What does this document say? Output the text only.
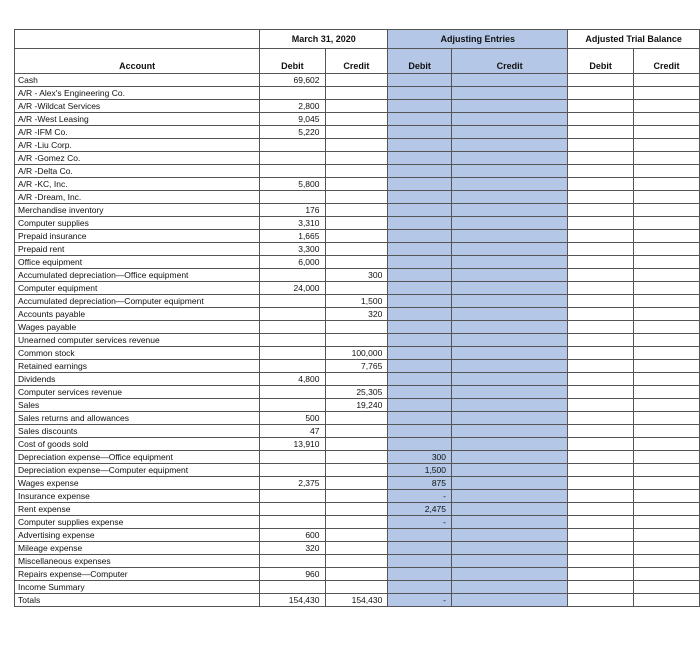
	March 31, 2020		Adjusting Entries		Adjusted Trial Balance	
Account	Debit	Credit	Debit	Credit	Debit	Credit
Cash	69,602					
A/R - Alex's Engineering Co.						
A/R -Wildcat Services	2,800					
A/R -West Leasing	9,045					
A/R -IFM Co.	5,220					
A/R -Liu Corp.						
A/R -Gomez Co.						
A/R -Delta Co.						
A/R -KC, Inc.	5,800					
A/R -Dream, Inc.						
Merchandise inventory	176					
Computer supplies	3,310					
Prepaid insurance	1,665					
Prepaid rent	3,300					
Office equipment	6,000					
Accumulated depreciation—Office equipment		300				
Computer equipment	24,000					
Accumulated depreciation—Computer equipment		1,500				
Accounts payable		320				
Wages payable						
Unearned computer services revenue						
Common stock		100,000				
Retained earnings		7,765				
Dividends	4,800					
Computer services revenue		25,305				
Sales		19,240				
Sales returns and allowances	500					
Sales discounts	47					
Cost of goods sold	13,910					
Depreciation expense—Office equipment			300			
Depreciation expense—Computer equipment			1,500			
Wages expense	2,375		875			
Insurance expense			-			
Rent expense			2,475			
Computer supplies expense			-			
Advertising expense	600					
Mileage expense	320					
Miscellaneous expenses						
Repairs expense—Computer	960					
Income Summary						
Totals	154,430	154,430	-			
